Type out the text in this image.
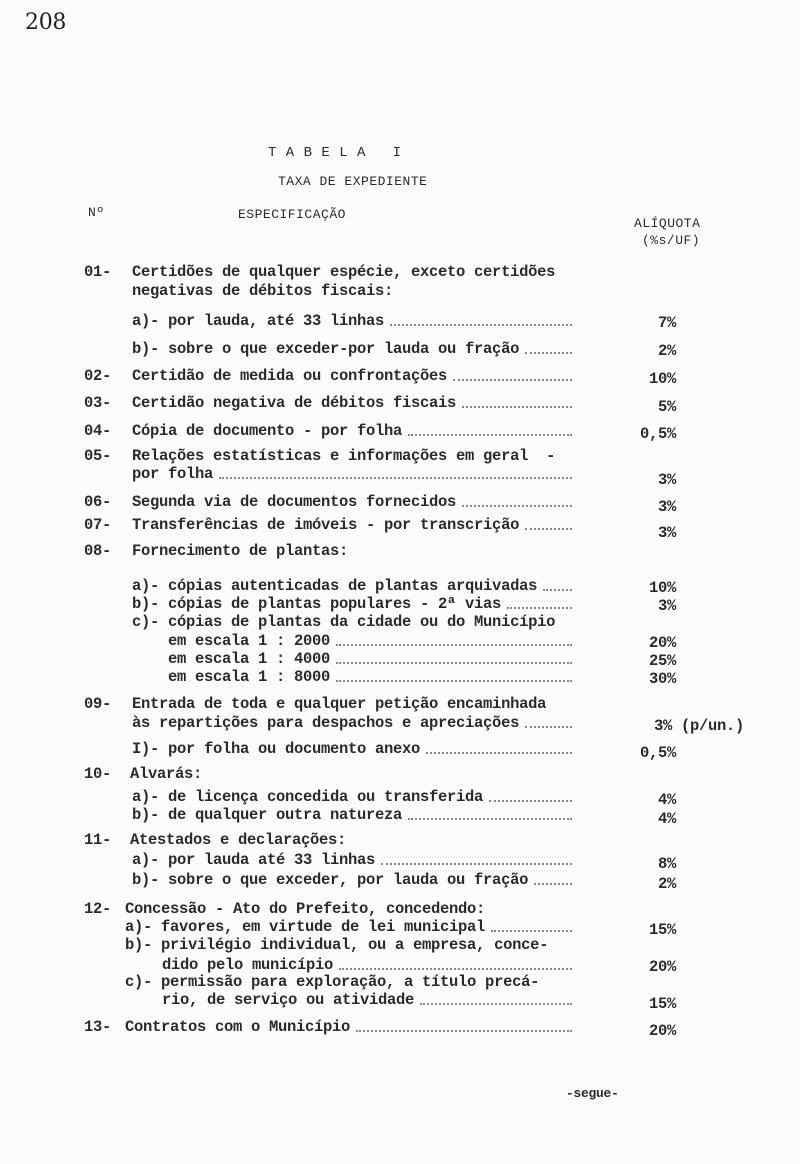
208
T A B E L A   I
TAXA DE EXPEDIENTE
Nº	ESPECIFICAÇÃO
ALÍQUOTA
(%s/UF)
01- Certidões de qualquer espécie, exceto certidões
negativas de débitos fiscais:
a)- por lauda, até 33 linhas	7%
b)- sobre o que exceder-por lauda ou fração	2%
02- Certidão de medida ou confrontações	10%
03- Certidão negativa de débitos fiscais	5%
04- Cópia de documento - por folha	0,5%
05- Relações estatísticas e informações em geral  -
por folha	3%
06- Segunda via de documentos fornecidos	3%
07- Transferências de imóveis - por transcrição	3%
08- Fornecimento de plantas:
a)- cópias autenticadas de plantas arquivadas	10%
b)- cópias de plantas populares - 2ª vias	3%
c)- cópias de plantas da cidade ou do Município
em escala 1 : 2000	20%
em escala 1 : 4000	25%
em escala 1 : 8000	30%
09- Entrada de toda e qualquer petição encaminhada
às repartições para despachos e apreciações	3% (p/un.)
I)- por folha ou documento anexo	0,5%
10- Alvarás:
a)- de licença concedida ou transferida	4%
b)- de qualquer outra natureza	4%
11- Atestados e declarações:
a)- por lauda até 33 linhas	8%
b)- sobre o que exceder, por lauda ou fração	2%
12- Concessão - Ato do Prefeito, concedendo:
a)- favores, em virtude de lei municipal	15%
b)- privilégio individual, ou a empresa, conce-
dido pelo município	20%
c)- permissão para exploração, a título precá-
rio, de serviço ou atividade	15%
13- Contratos com o Município	20%
-segue-
